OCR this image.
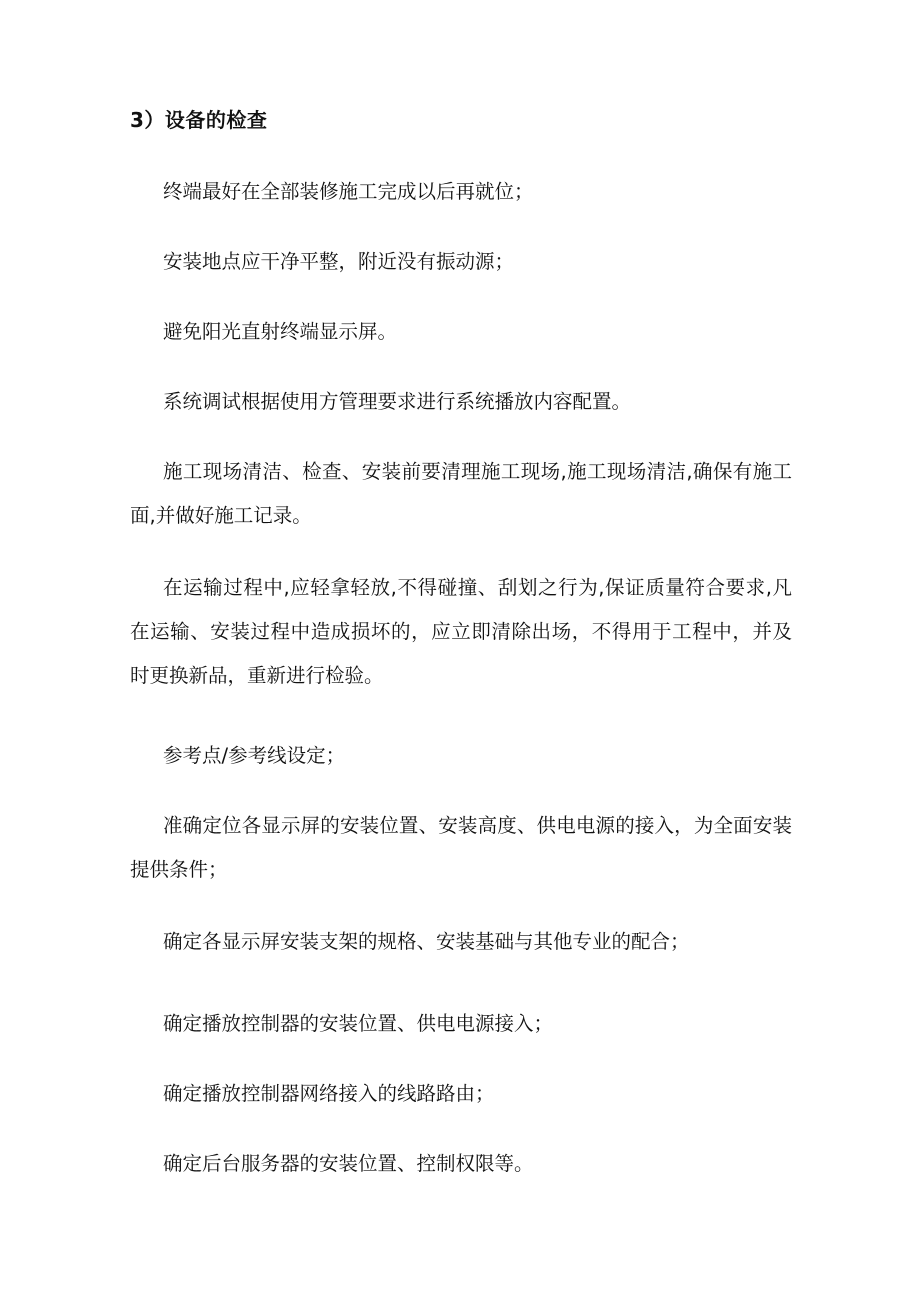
3）设备的检查

终端最好在全部装修施工完成以后再就位；

安装地点应干净平整，附近没有振动源；

避免阳光直射终端显示屏。

系统调试根据使用方管理要求进行系统播放内容配置。

施工现场清洁、检查、安装前要清理施工现场,施工现场清洁,确保有施工面,并做好施工记录。

在运输过程中,应轻拿轻放,不得碰撞、刮划之行为,保证质量符合要求,凡在运输、安装过程中造成损坏的，应立即清除出场，不得用于工程中，并及时更换新品，重新进行检验。

参考点/参考线设定；

准确定位各显示屏的安装位置、安装高度、供电电源的接入，为全面安装提供条件；

确定各显示屏安装支架的规格、安装基础与其他专业的配合；

确定播放控制器的安装位置、供电电源接入；

确定播放控制器网络接入的线路路由；

确定后台服务器的安装位置、控制权限等。
